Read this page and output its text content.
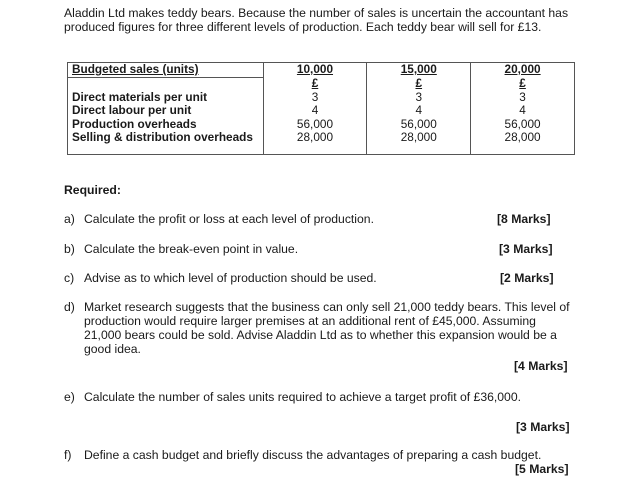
Aladdin Ltd makes teddy bears. Because the number of sales is uncertain the accountant has produced figures for three different levels of production. Each teddy bear will sell for £13.
Budgeted sales (units)	10,000	15,000	20,000
	£	£	£
Direct materials per unit	3	3	3
Direct labour per unit	4	4	4
Production overheads	56,000	56,000	56,000
Selling & distribution overheads	28,000	28,000	28,000
Required:
a) Calculate the profit or loss at each level of production.	[8 Marks]
b) Calculate the break-even point in value.	[3 Marks]
c) Advise as to which level of production should be used.	[2 Marks]
d) Market research suggests that the business can only sell 21,000 teddy bears. This level of production would require larger premises at an additional rent of £45,000. Assuming 21,000 bears could be sold. Advise Aladdin Ltd as to whether this expansion would be a good idea.
[4 Marks]
e) Calculate the number of sales units required to achieve a target profit of £36,000.
[3 Marks]
f) Define a cash budget and briefly discuss the advantages of preparing a cash budget.
[5 Marks]
